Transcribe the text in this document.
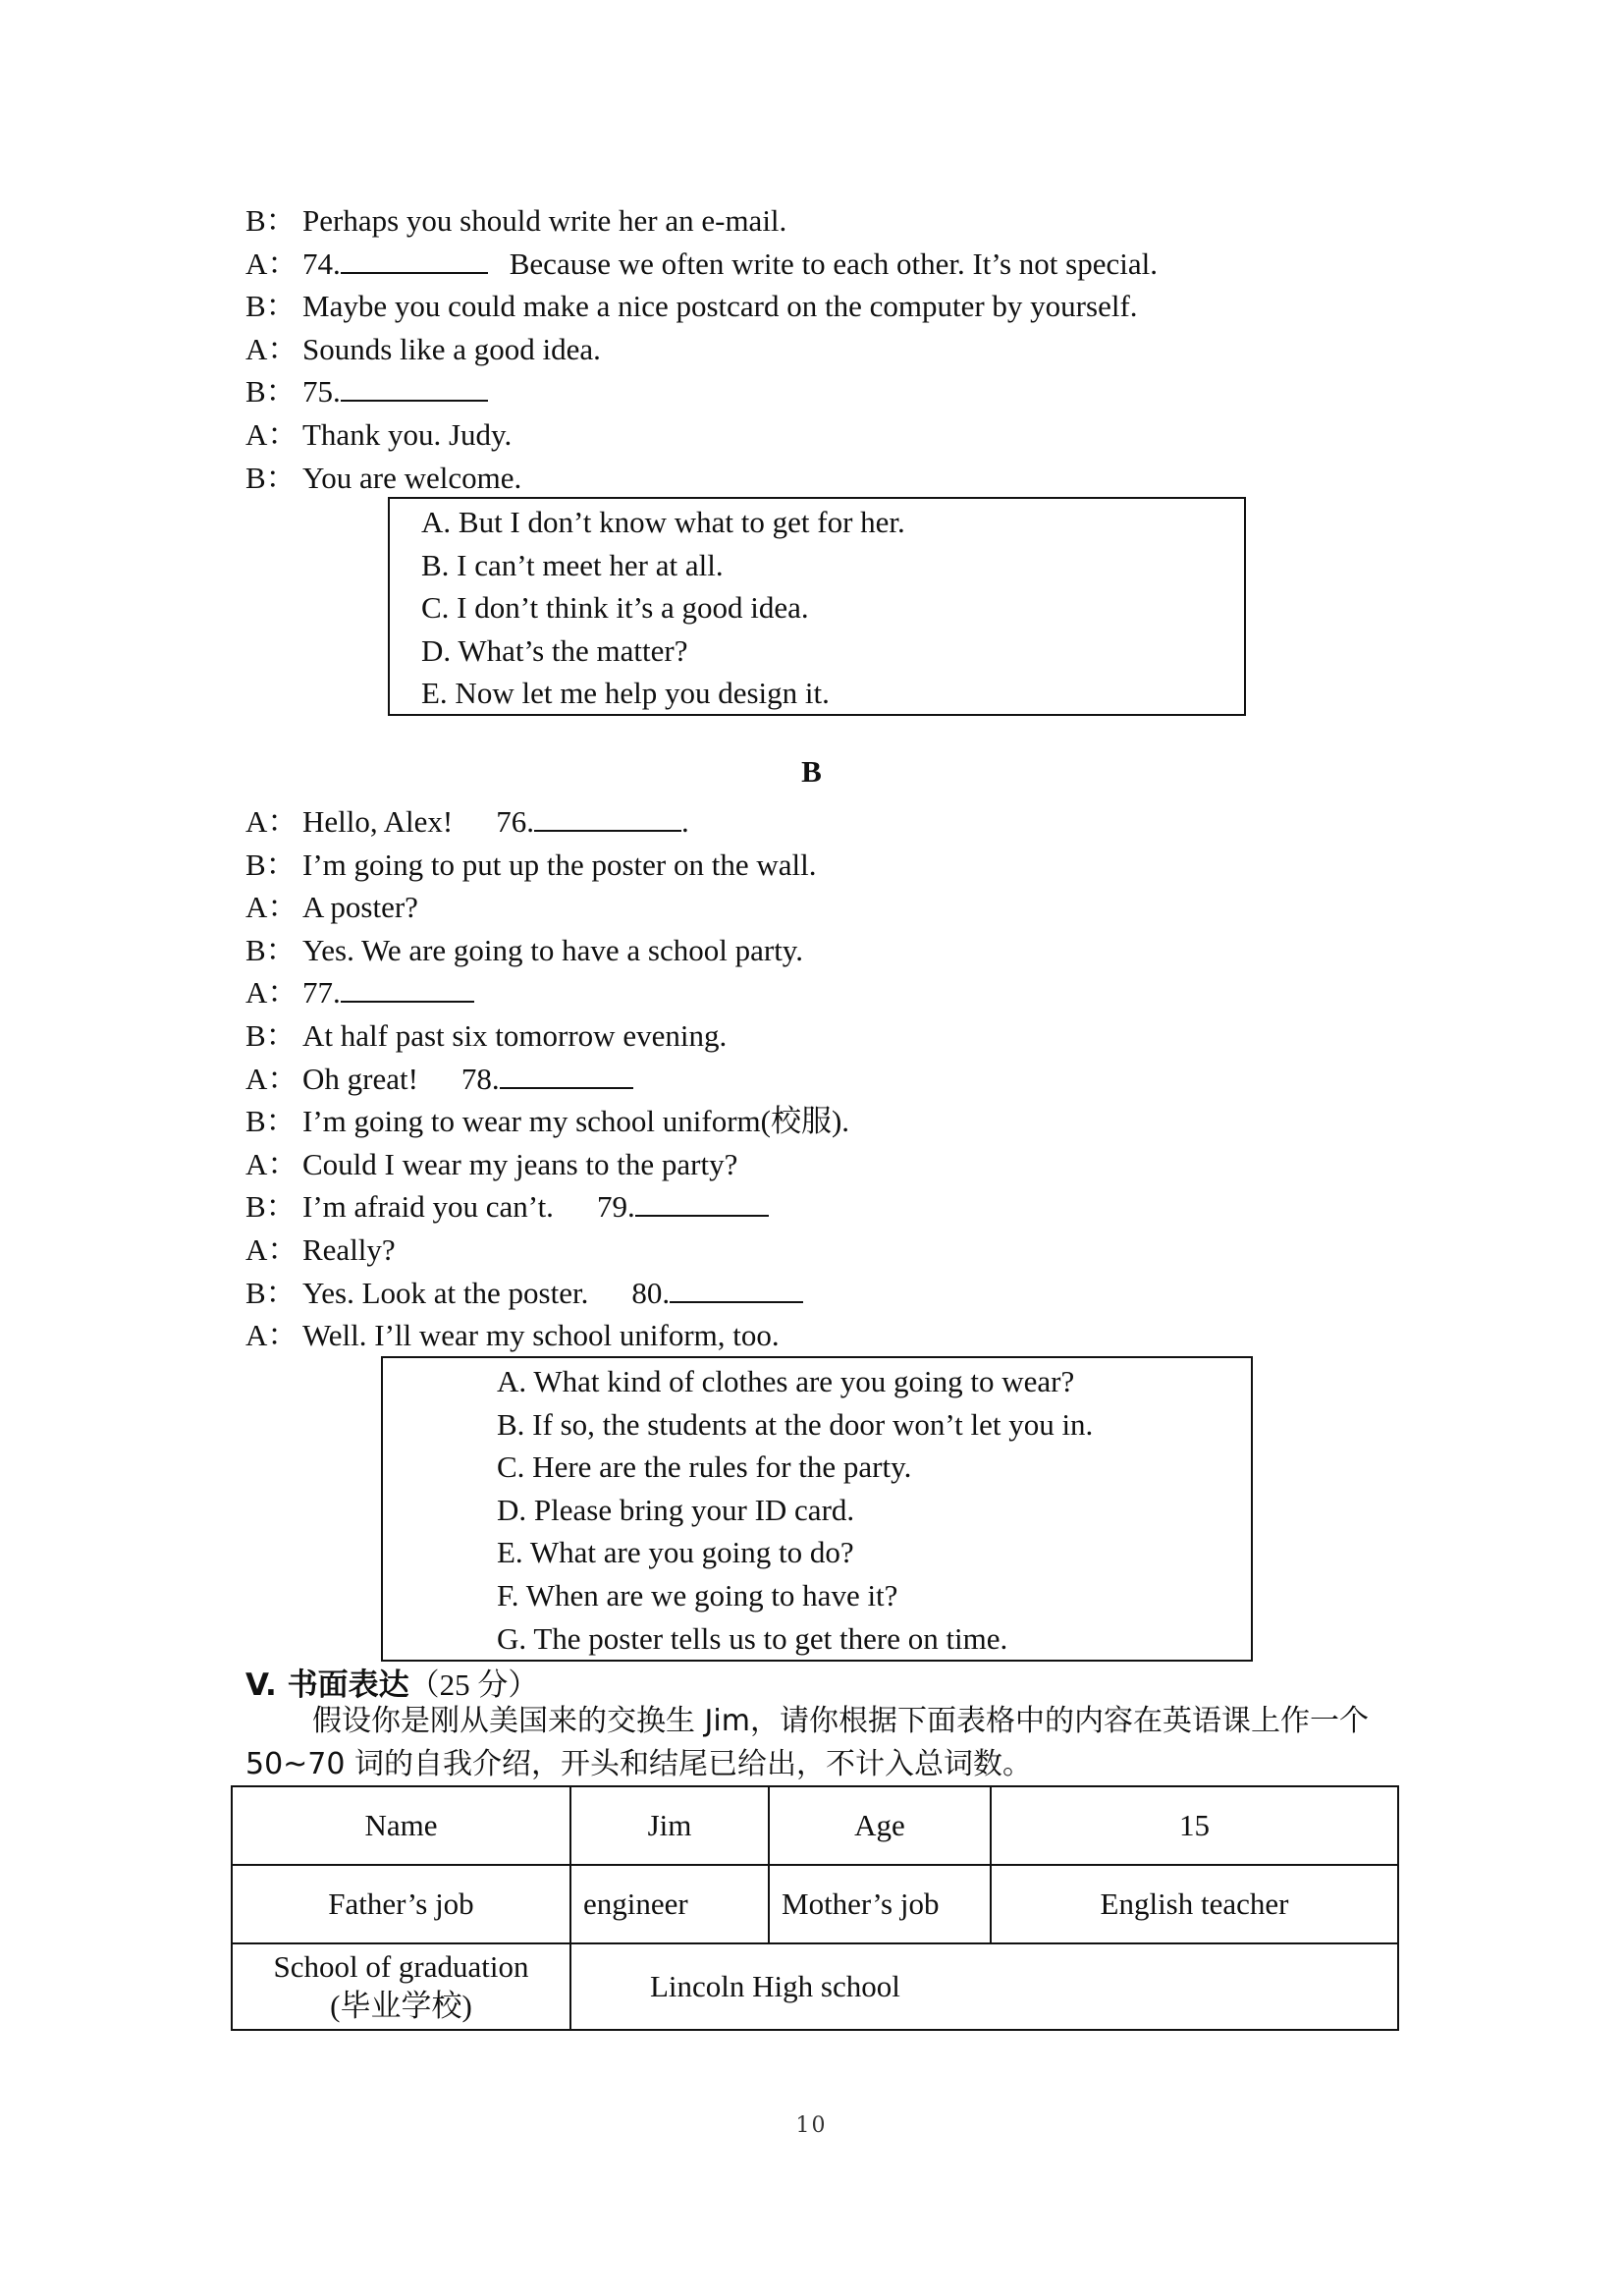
B： Perhaps you should write her an e-mail.
A： 74.	Because we often write to each other. It’s not special.
B： Maybe you could make a nice postcard on the computer by yourself.
A： Sounds like a good idea.
B： 75.
A： Thank you. Judy.
B： You are welcome.
A. But I don’t know what to get for her.
B. I can’t meet her at all.
C. I don’t think it’s a good idea.
D. What’s the matter?
E. Now let me help you design it.
B
A： Hello, Alex! 76.	.
B： I’m going to put up the poster on the wall.
A： A poster?
B： Yes. We are going to have a school party.
A： 77.
B： At half past six tomorrow evening.
A： Oh great! 78.
B： I’m going to wear my school uniform(校服).
A： Could I wear my jeans to the party?
B： I’m afraid you can’t. 79.
A： Really?
B： Yes. Look at the poster. 80.
A： Well. I’ll wear my school uniform, too.
A. What kind of clothes are you going to wear?
B. If so, the students at the door won’t let you in.
C. Here are the rules for the party.
D. Please bring your ID card.
E. What are you going to do?
F. When are we going to have it?
G. The poster tells us to get there on time.
V. 书面表达（25 分）
假设你是刚从美国来的交换生 Jim，请你根据下面表格中的内容在英语课上作一个 50~70 词的自我介绍，开头和结尾已给出，不计入总词数。
Name	Jim	Age	15
Father’s job	engineer	Mother’s job	English teacher

School of graduation
(毕业学校)	Lincoln High school		
10
